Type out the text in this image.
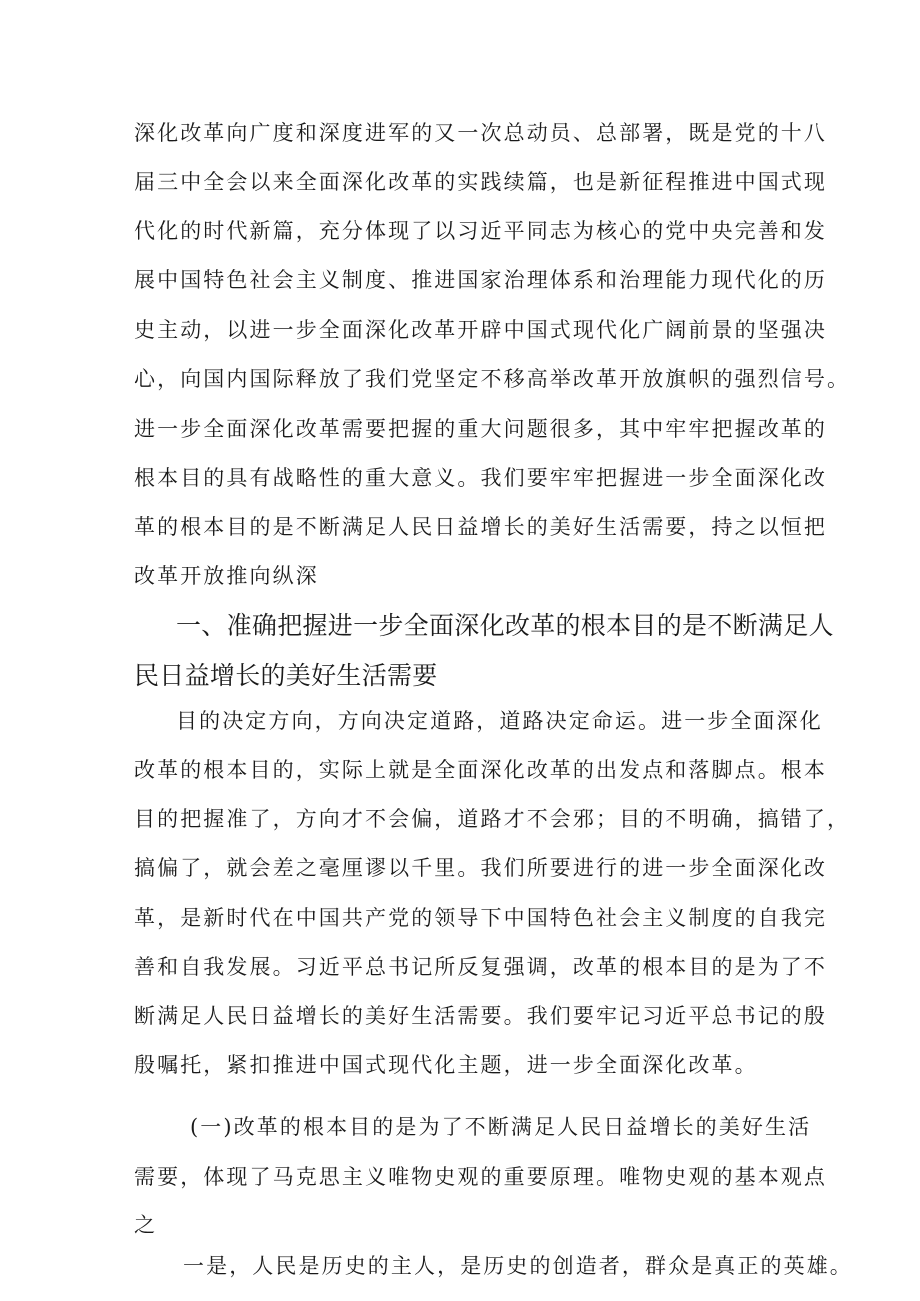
深化改革向广度和深度进军的又一次总动员、总部署，既是党的十八
届三中全会以来全面深化改革的实践续篇，也是新征程推进中国式现
代化的时代新篇，充分体现了以习近平同志为核心的党中央完善和发
展中国特色社会主义制度、推进国家治理体系和治理能力现代化的历
史主动，以进一步全面深化改革开辟中国式现代化广阔前景的坚强决
心，向国内国际释放了我们党坚定不移高举改革开放旗帜的强烈信号。
进一步全面深化改革需要把握的重大问题很多，其中牢牢把握改革的
根本目的具有战略性的重大意义。我们要牢牢把握进一步全面深化改
革的根本目的是不断满足人民日益增长的美好生活需要，持之以恒把
改革开放推向纵深
一、准确把握进一步全面深化改革的根本目的是不断满足人
民日益增长的美好生活需要
目的决定方向，方向决定道路，道路决定命运。进一步全面深化
改革的根本目的，实际上就是全面深化改革的出发点和落脚点。根本
目的把握准了，方向才不会偏，道路才不会邪；目的不明确，搞错了，
搞偏了，就会差之毫厘谬以千里。我们所要进行的进一步全面深化改
革，是新时代在中国共产党的领导下中国特色社会主义制度的自我完
善和自我发展。习近平总书记所反复强调，改革的根本目的是为了不
断满足人民日益增长的美好生活需要。我们要牢记习近平总书记的殷
殷嘱托，紧扣推进中国式现代化主题，进一步全面深化改革。
(一)改革的根本目的是为了不断满足人民日益增长的美好生活
需要，体现了马克思主义唯物史观的重要原理。唯物史观的基本观点
之
一是，人民是历史的主人，是历史的创造者，群众是真正的英雄。
